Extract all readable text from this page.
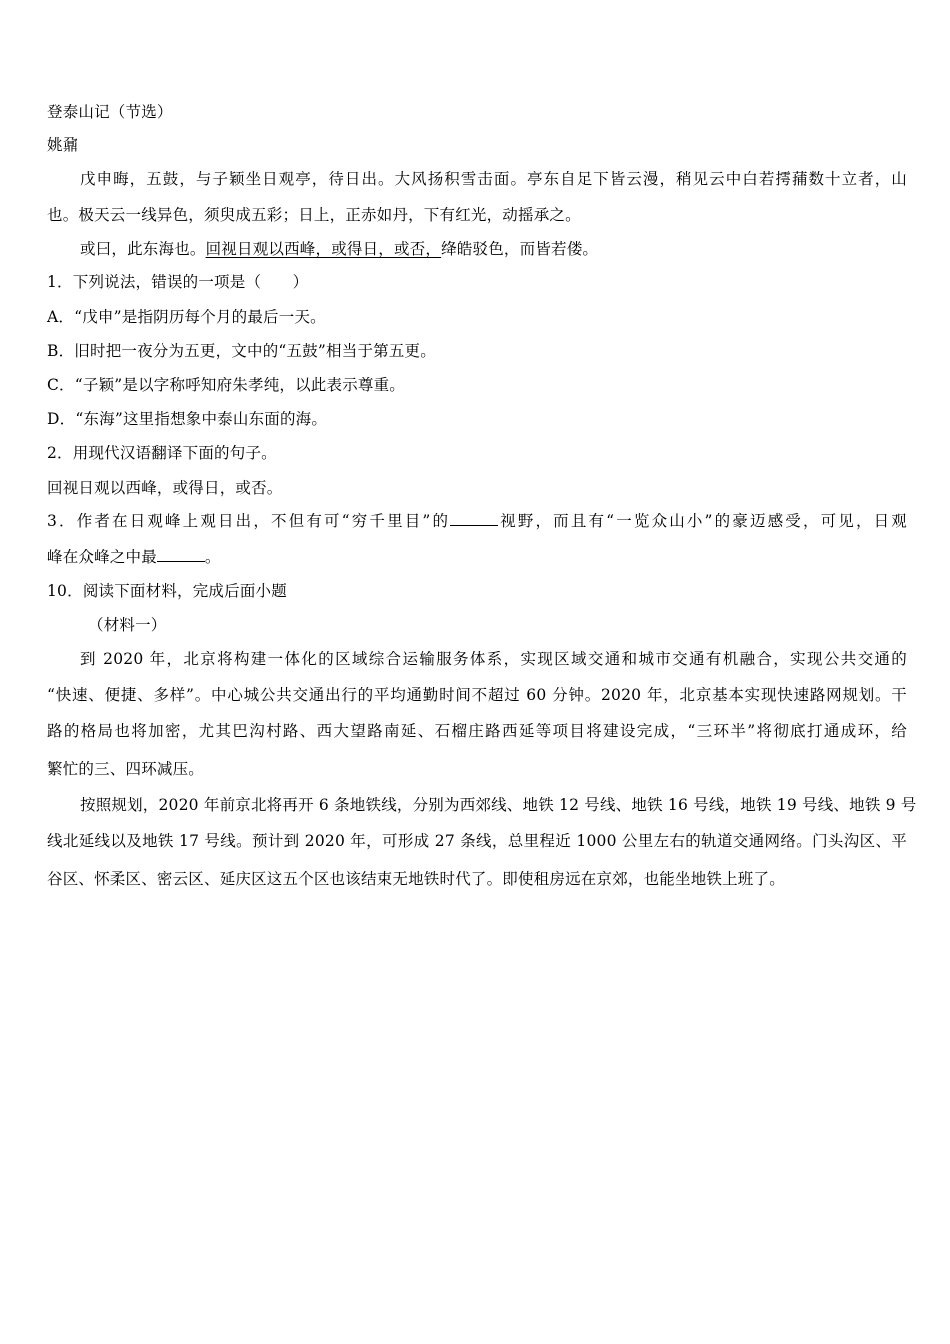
登泰山记（节选）
姚鼐
戊申晦，五鼓，与子颖坐日观亭，待日出。大风扬积雪击面。亭东自足下皆云漫，稍见云中白若摴蒱数十立者，山
也。极天云一线异色，须臾成五彩；日上，正赤如丹，下有红光，动摇承之。
或曰，此东海也。回视日观以西峰，或得日，或否，绛皓驳色，而皆若偻。
1．下列说法，错误的一项是（　　）
A．“戊申”是指阴历每个月的最后一天。
B．旧时把一夜分为五更，文中的“五鼓”相当于第五更。
C．“子颖”是以字称呼知府朱孝纯，以此表示尊重。
D．“东海”这里指想象中泰山东面的海。
2．用现代汉语翻译下面的句子。
回视日观以西峰，或得日，或否。
3．作者在日观峰上观日出，不但有可“穷千里目”的	视野，而且有“一览众山小”的豪迈感受，可见，日观
峰在众峰之中最	。
10．阅读下面材料，完成后面小题
（材料一）
到 2020 年，北京将构建一体化的区域综合运输服务体系，实现区域交通和城市交通有机融合，实现公共交通的
“快速、便捷、多样”。中心城公共交通出行的平均通勤时间不超过 60 分钟。2020 年，北京基本实现快速路网规划。干
路的格局也将加密，尤其巴沟村路、西大望路南延、石榴庄路西延等项目将建设完成，“三环半”将彻底打通成环，给
繁忙的三、四环减压。
按照规划，2020 年前京北将再开 6 条地铁线，分别为西郊线、地铁 12 号线、地铁 16 号线，地铁 19 号线、地铁 9 号
线北延线以及地铁 17 号线。预计到 2020 年，可形成 27 条线，总里程近 1000 公里左右的轨道交通网络。门头沟区、平
谷区、怀柔区、密云区、延庆区这五个区也该结束无地铁时代了。即使租房远在京郊，也能坐地铁上班了。
